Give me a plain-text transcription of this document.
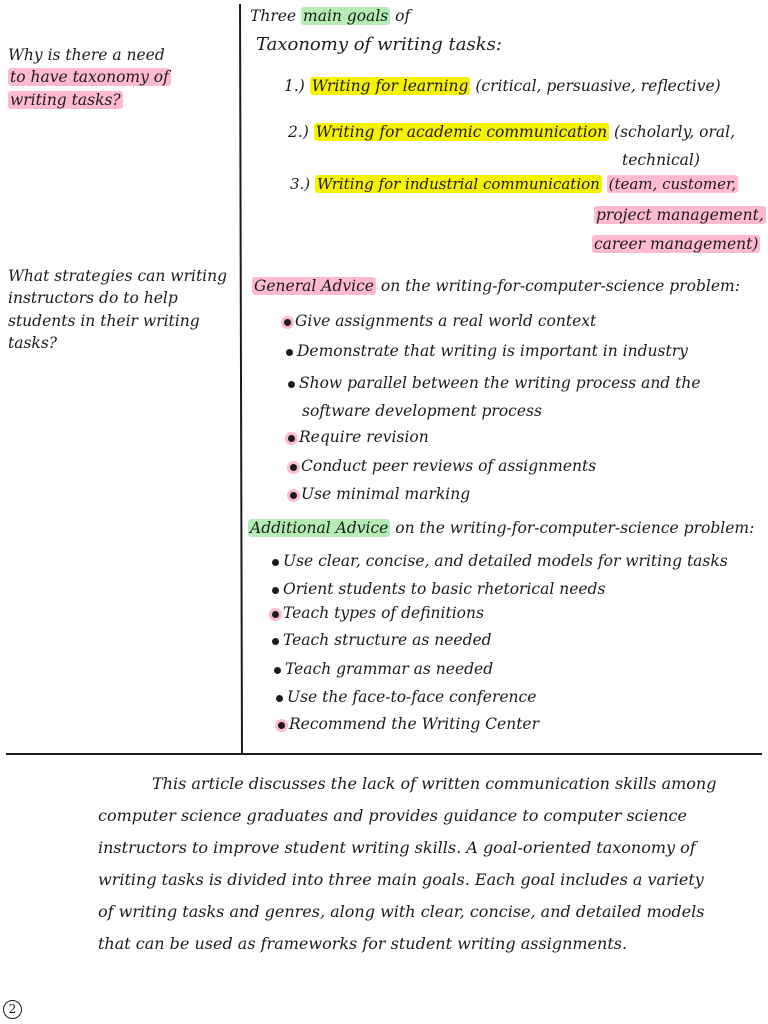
Why is there a need
to have taxonomy of
writing tasks?
What strategies can writing
instructors do to help
students in their writing
tasks?
Three main goals of
Taxonomy of writing tasks:
1.) Writing for learning (critical, persuasive, reflective)
2.) Writing for academic communication (scholarly, oral,
technical)
3.) Writing for industrial communication (team, customer,
project management,
career management)
General Advice on the writing-for-computer-science problem:
Give assignments a real world context
Demonstrate that writing is important in industry
Show parallel between the writing process and the
software development process
Require revision
Conduct peer reviews of assignments
Use minimal marking
Additional Advice on the writing-for-computer-science problem:
Use clear, concise, and detailed models for writing tasks
Orient students to basic rhetorical needs
Teach types of definitions
Teach structure as needed
Teach grammar as needed
Use the face-to-face conference
Recommend the Writing Center
This article discusses the lack of written communication skills among
computer science graduates and provides guidance to computer science
instructors to improve student writing skills. A goal-oriented taxonomy of
writing tasks is divided into three main goals. Each goal includes a variety
of writing tasks and genres, along with clear, concise, and detailed models
that can be used as frameworks for student writing assignments.
2
